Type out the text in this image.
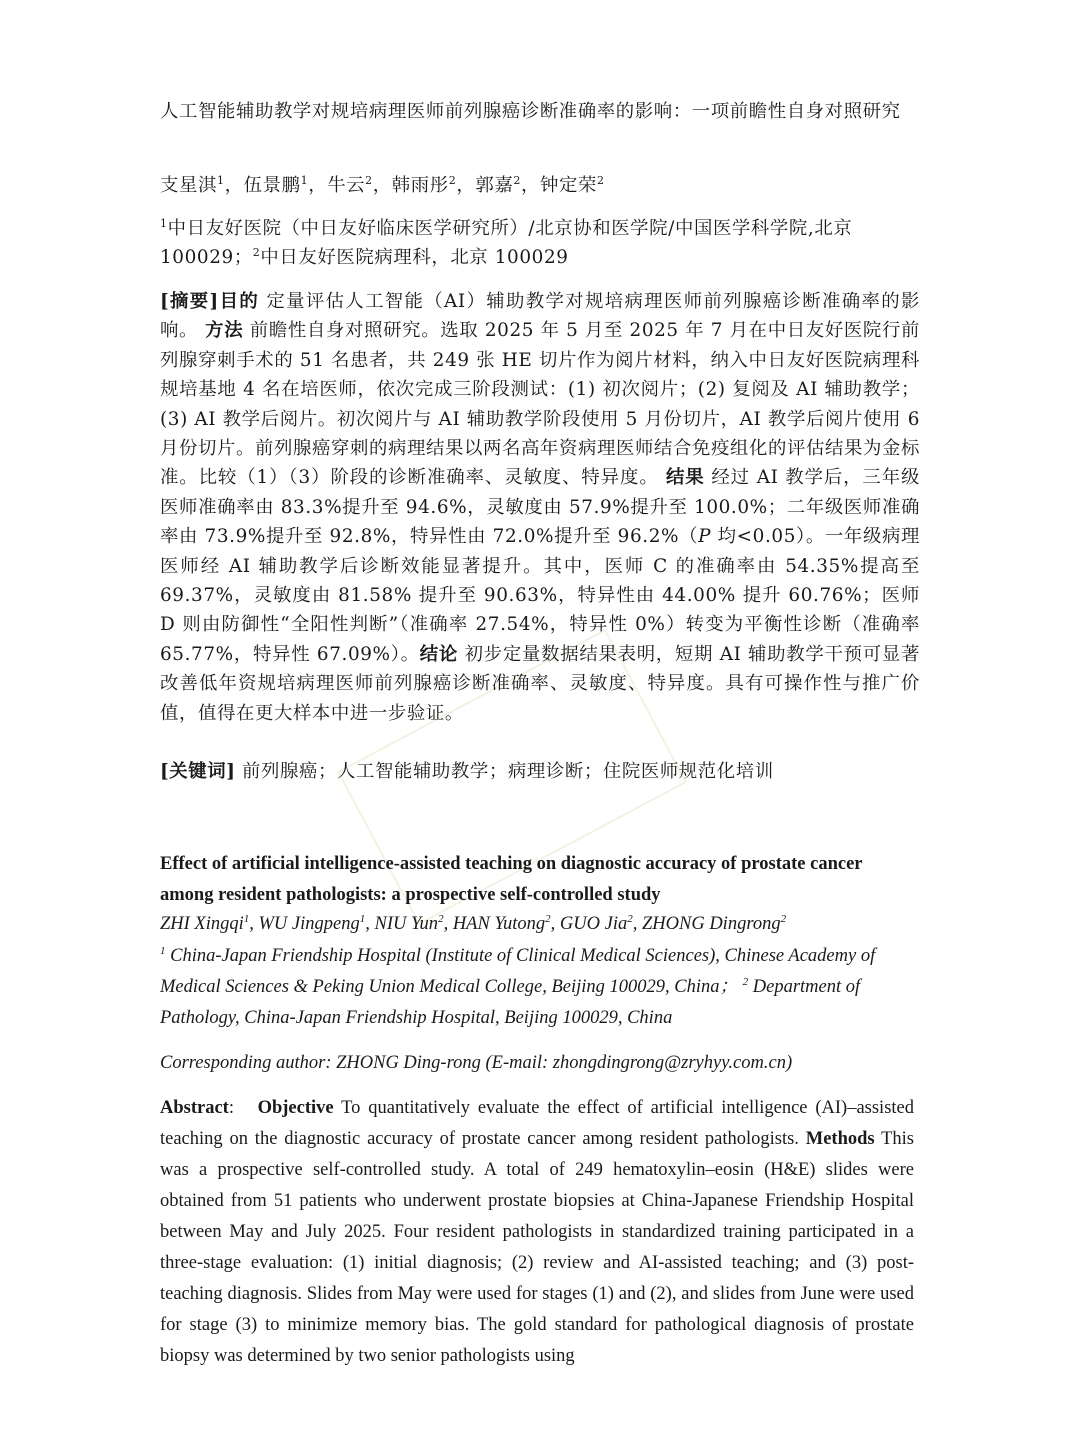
人工智能辅助教学对规培病理医师前列腺癌诊断准确率的影响：一项前瞻性自身对照研究

支星淇$^1$，伍景鹏$^1$，牛云$^2$，韩雨彤$^2$，郭嘉$^2$，钟定荣$^2$

$^1$中日友好医院（中日友好临床医学研究所）/北京协和医学院/中国医学科学院,北京 100029；$^2$中日友好医院病理科，北京 100029

[摘要]目的 定量评估人工智能（AI）辅助教学对规培病理医师前列腺癌诊断准确率的影响。 方法 前瞻性自身对照研究。选取 2025 年 5 月至 2025 年 7 月在中日友好医院行前列腺穿刺手术的 51 名患者，共 249 张 HE 切片作为阅片材料，纳入中日友好医院病理科规培基地 4 名在培医师，依次完成三阶段测试：(1) 初次阅片；(2) 复阅及 AI 辅助教学；(3) AI 教学后阅片。初次阅片与 AI 辅助教学阶段使用 5 月份切片，AI 教学后阅片使用 6 月份切片。前列腺癌穿刺的病理结果以两名高年资病理医师结合免疫组化的评估结果为金标准。比较（1）（3）阶段的诊断准确率、灵敏度、特异度。 结果 经过 AI 教学后，三年级医师准确率由 83.3%提升至 94.6%，灵敏度由 57.9%提升至 100.0%；二年级医师准确率由 73.9%提升至 92.8%，特异性由 72.0%提升至 96.2%（P 均<0.05）。一年级病理医师经 AI 辅助教学后诊断效能显著提升。其中，医师 C 的准确率由 54.35%提高至 69.37%，灵敏度由 81.58% 提升至 90.63%，特异性由 44.00% 提升 60.76%；医师 D 则由防御性“全阳性判断”（准确率 27.54%，特异性 0%）转变为平衡性诊断（准确率 65.77%，特异性 67.09%）。结论 初步定量数据结果表明，短期 AI 辅助教学干预可显著改善低年资规培病理医师前列腺癌诊断准确率、灵敏度、特异度。具有可操作性与推广价值，值得在更大样本中进一步验证。

[关键词] 前列腺癌；人工智能辅助教学；病理诊断；住院医师规范化培训

Effect of artificial intelligence-assisted teaching on diagnostic accuracy of prostate cancer among resident pathologists: a prospective self-controlled study

ZHI Xingqi$^1$, WU Jingpeng$^1$, NIU Yun$^2$, HAN Yutong$^2$, GUO Jia$^2$, ZHONG Dingrong$^2$

$^1$ China-Japan Friendship Hospital (Institute of Clinical Medical Sciences), Chinese Academy of Medical Sciences & Peking Union Medical College, Beijing 100029, China； $^2$ Department of Pathology, China-Japan Friendship Hospital, Beijing 100029, China

Corresponding author: ZHONG Ding-rong (E-mail: zhongdingrong@zryhyy.com.cn)

Abstract: Objective To quantitatively evaluate the effect of artificial intelligence (AI)–assisted teaching on the diagnostic accuracy of prostate cancer among resident pathologists. Methods This was a prospective self-controlled study. A total of 249 hematoxylin–eosin (H&E) slides were obtained from 51 patients who underwent prostate biopsies at China-Japanese Friendship Hospital between May and July 2025. Four resident pathologists in standardized training participated in a three-stage evaluation: (1) initial diagnosis; (2) review and AI-assisted teaching; and (3) post-teaching diagnosis. Slides from May were used for stages (1) and (2), and slides from June were used for stage (3) to minimize memory bias. The gold standard for pathological diagnosis of prostate biopsy was determined by two senior pathologists using
